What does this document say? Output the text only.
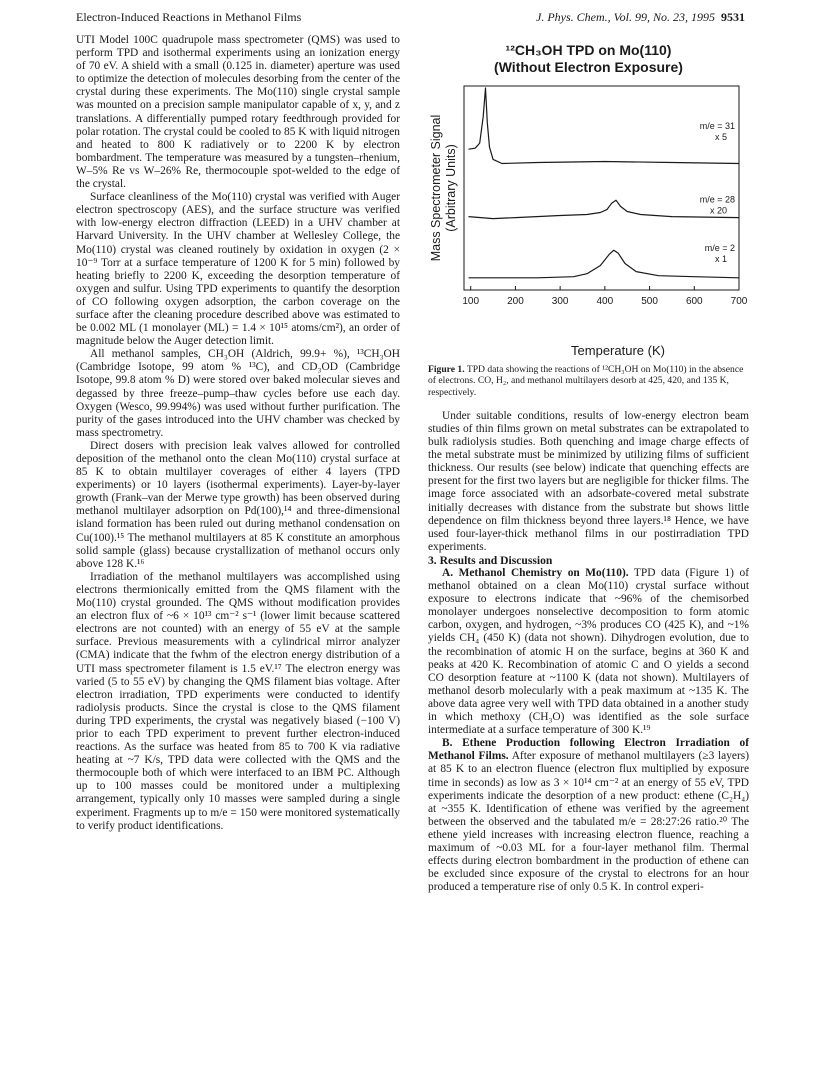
Electron-Induced Reactions in Methanol Films	J. Phys. Chem., Vol. 99, No. 23, 1995 9531

UTI Model 100C quadrupole mass spectrometer (QMS) was used to perform TPD and isothermal experiments using an ionization energy of 70 eV. A shield with a small (0.125 in. diameter) aperture was used to optimize the detection of molecules desorbing from the center of the crystal during these experiments. The Mo(110) single crystal sample was mounted on a precision sample manipulator capable of x, y, and z translations. A differentially pumped rotary feedthrough provided for polar rotation. The crystal could be cooled to 85 K with liquid nitrogen and heated to 800 K radiatively or to 2200 K by electron bombardment. The temperature was measured by a tungsten–rhenium, W–5% Re vs W–26% Re, thermocouple spot-welded to the edge of the crystal.

Surface cleanliness of the Mo(110) crystal was verified with Auger electron spectroscopy (AES), and the surface structure was verified with low-energy electron diffraction (LEED) in a UHV chamber at Harvard University. In the UHV chamber at Wellesley College, the Mo(110) crystal was cleaned routinely by oxidation in oxygen (2 × 10⁻⁹ Torr at a surface temperature of 1200 K for 5 min) followed by heating briefly to 2200 K, exceeding the desorption temperature of oxygen and sulfur. Using TPD experiments to quantify the desorption of CO following oxygen adsorption, the carbon coverage on the surface after the cleaning procedure described above was estimated to be 0.002 ML (1 monolayer (ML) = 1.4 × 10¹⁵ atoms/cm²), an order of magnitude below the Auger detection limit.

All methanol samples, CH₃OH (Aldrich, 99.9+ %), ¹³CH₃OH (Cambridge Isotope, 99 atom % ¹³C), and CD₃OD (Cambridge Isotope, 99.8 atom % D) were stored over baked molecular sieves and degassed by three freeze–pump–thaw cycles before use each day. Oxygen (Wesco, 99.994%) was used without further purification. The purity of the gases introduced into the UHV chamber was checked by mass spectrometry.

Direct dosers with precision leak valves allowed for controlled deposition of the methanol onto the clean Mo(110) crystal surface at 85 K to obtain multilayer coverages of either 4 layers (TPD experiments) or 10 layers (isothermal experiments). Layer-by-layer growth (Frank–van der Merwe type growth) has been observed during methanol multilayer adsorption on Pd(100),¹⁴ and three-dimensional island formation has been ruled out during methanol condensation on Cu(100).¹⁵ The methanol multilayers at 85 K constitute an amorphous solid sample (glass) because crystallization of methanol occurs only above 128 K.¹⁶

Irradiation of the methanol multilayers was accomplished using electrons thermionically emitted from the QMS filament with the Mo(110) crystal grounded. The QMS without modification provides an electron flux of ~6 × 10¹³ cm⁻² s⁻¹ (lower limit because scattered electrons are not counted) with an energy of 55 eV at the sample surface. Previous measurements with a cylindrical mirror analyzer (CMA) indicate that the fwhm of the electron energy distribution of a UTI mass spectrometer filament is 1.5 eV.¹⁷ The electron energy was varied (5 to 55 eV) by changing the QMS filament bias voltage. After electron irradiation, TPD experiments were conducted to identify radiolysis products. Since the crystal is close to the QMS filament during TPD experiments, the crystal was negatively biased (−100 V) prior to each TPD experiment to prevent further electron-induced reactions. As the surface was heated from 85 to 700 K via radiative heating at ~7 K/s, TPD data were collected with the QMS and the thermocouple both of which were interfaced to an IBM PC. Although up to 100 masses could be monitored under a multiplexing arrangement, typically only 10 masses were sampled during a single experiment. Fragments up to m/e = 150 were monitored systematically to verify product identifications.

¹²CH₃OH TPD on Mo(110)
(Without Electron Exposure)
Mass Spectrometer Signal (Arbitrary Units)
100	200	300	400	500	600	700
Temperature (K)
m/e = 31
x 5
m/e = 28
x 20
m/e = 2
x 1
Figure 1. TPD data showing the reactions of ¹²CH₃OH on Mo(110) in the absence of electrons. CO, H₂, and methanol multilayers desorb at 425, 420, and 135 K, respectively.

Under suitable conditions, results of low-energy electron beam studies of thin films grown on metal substrates can be extrapolated to bulk radiolysis studies. Both quenching and image charge effects of the metal substrate must be minimized by utilizing films of sufficient thickness. Our results (see below) indicate that quenching effects are present for the first two layers but are negligible for thicker films. The image force associated with an adsorbate-covered metal substrate initially decreases with distance from the substrate but shows little dependence on film thickness beyond three layers.¹⁸ Hence, we have used four-layer-thick methanol films in our postirradiation TPD experiments.

3. Results and Discussion

A. Methanol Chemistry on Mo(110). TPD data (Figure 1) of methanol obtained on a clean Mo(110) crystal surface without exposure to electrons indicate that ~96% of the chemisorbed monolayer undergoes nonselective decomposition to form atomic carbon, oxygen, and hydrogen, ~3% produces CO (425 K), and ~1% yields CH₄ (450 K) (data not shown). Dihydrogen evolution, due to the recombination of atomic H on the surface, begins at 360 K and peaks at 420 K. Recombination of atomic C and O yields a second CO desorption feature at ~1100 K (data not shown). Multilayers of methanol desorb molecularly with a peak maximum at ~135 K. The above data agree very well with TPD data obtained in a another study in which methoxy (CH₃O) was identified as the sole surface intermediate at a surface temperature of 300 K.¹⁹

B. Ethene Production following Electron Irradiation of Methanol Films. After exposure of methanol multilayers (≥3 layers) at 85 K to an electron fluence (electron flux multiplied by exposure time in seconds) as low as 3 × 10¹⁴ cm⁻² at an energy of 55 eV, TPD experiments indicate the desorption of a new product: ethene (C₂H₄) at ~355 K. Identification of ethene was verified by the agreement between the observed and the tabulated m/e = 28:27:26 ratio.²⁰ The ethene yield increases with increasing electron fluence, reaching a maximum of ~0.03 ML for a four-layer methanol film. Thermal effects during electron bombardment in the production of ethene can be excluded since exposure of the crystal to electrons for an hour produced a temperature rise of only 0.5 K. In control experi-
